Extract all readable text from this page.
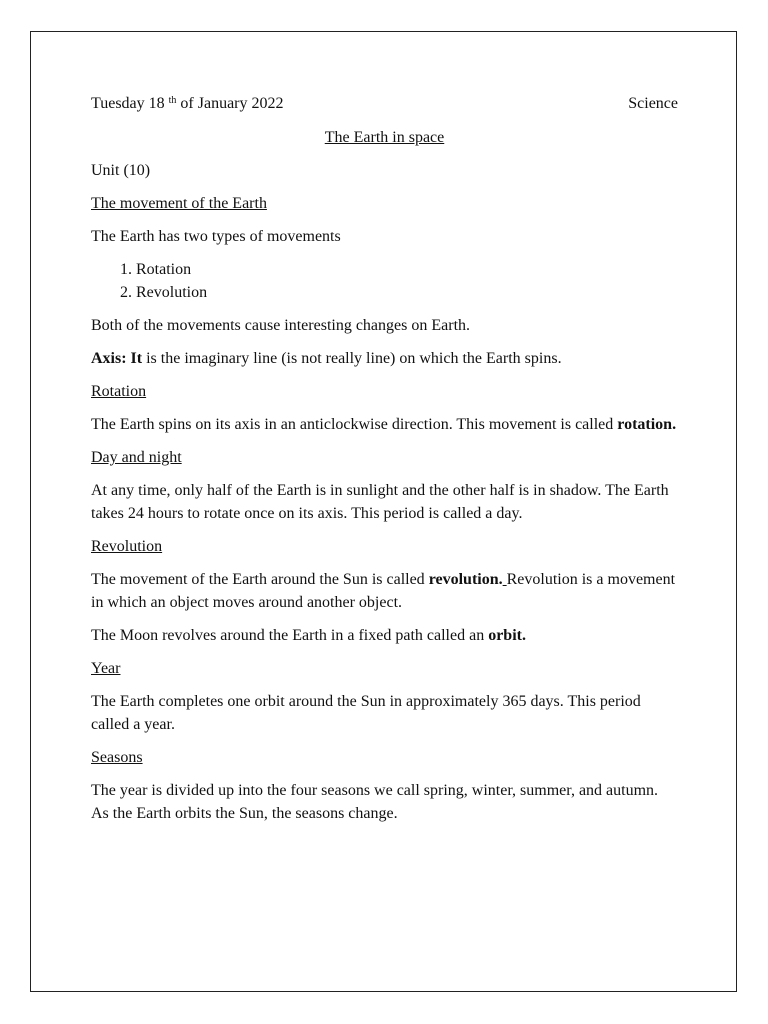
Tuesday 18 $^{th}$ of January 2022	Science

The Earth in space

Unit (10)

The movement of the Earth

The Earth has two types of movements

1. Rotation
2. Revolution

Both of the movements cause interesting changes on Earth.

Axis: It is the imaginary line (is not really line) on which the Earth spins.

Rotation

The Earth spins on its axis in an anticlockwise direction. This movement is called rotation.

Day and night

At any time, only half of the Earth is in sunlight and the other half is in shadow. The Earth takes 24 hours to rotate once on its axis. This period is called a day.

Revolution

The movement of the Earth around the Sun is called revolution. Revolution is a movement in which an object moves around another object.

The Moon revolves around the Earth in a fixed path called an orbit.

Year

The Earth completes one orbit around the Sun in approximately 365 days. This period called a year.

Seasons

The year is divided up into the four seasons we call spring, winter, summer, and autumn. As the Earth orbits the Sun, the seasons change.
